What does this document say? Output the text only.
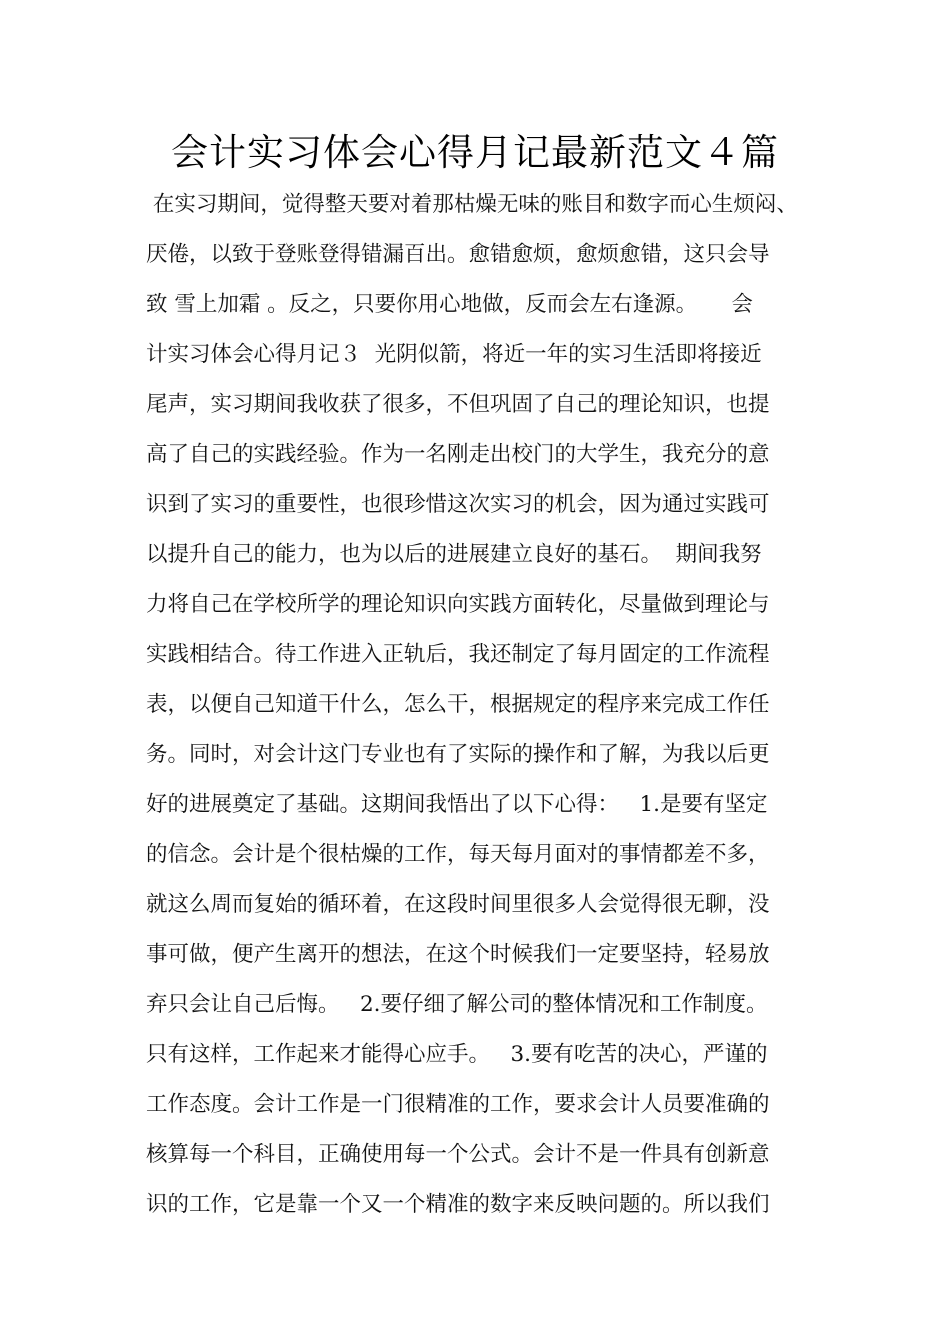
会计实习体会心得月记最新范文４篇
在实习期间，觉得整天要对着那枯燥无味的账目和数字而心生烦闷、
厌倦，以致于登账登得错漏百出。愈错愈烦，愈烦愈错，这只会导
致 雪上加霜 。反之，只要你用心地做，反而会左右逢源。     会
计实习体会心得月记３  光阴似箭，将近一年的实习生活即将接近
尾声，实习期间我收获了很多，不但巩固了自己的理论知识，也提
高了自己的实践经验。作为一名刚走出校门的大学生，我充分的意
识到了实习的重要性，也很珍惜这次实习的机会，因为通过实践可
以提升自己的能力，也为以后的进展建立良好的基石。  期间我努
力将自己在学校所学的理论知识向实践方面转化，尽量做到理论与
实践相结合。待工作进入正轨后，我还制定了每月固定的工作流程
表，以便自己知道干什么，怎么干，根据规定的程序来完成工作任
务。同时，对会计这门专业也有了实际的操作和了解，为我以后更
好的进展奠定了基础。这期间我悟出了以下心得：   1.是要有坚定
的信念。会计是个很枯燥的工作，每天每月面对的事情都差不多，
就这么周而复始的循环着，在这段时间里很多人会觉得很无聊，没
事可做，便产生离开的想法，在这个时候我们一定要坚持，轻易放
弃只会让自己后悔。   2.要仔细了解公司的整体情况和工作制度。
只有这样，工作起来才能得心应手。   3.要有吃苦的决心，严谨的
工作态度。会计工作是一门很精准的工作，要求会计人员要准确的
核算每一个科目，正确使用每一个公式。会计不是一件具有创新意
识的工作，它是靠一个又一个精准的数字来反映问题的。所以我们
